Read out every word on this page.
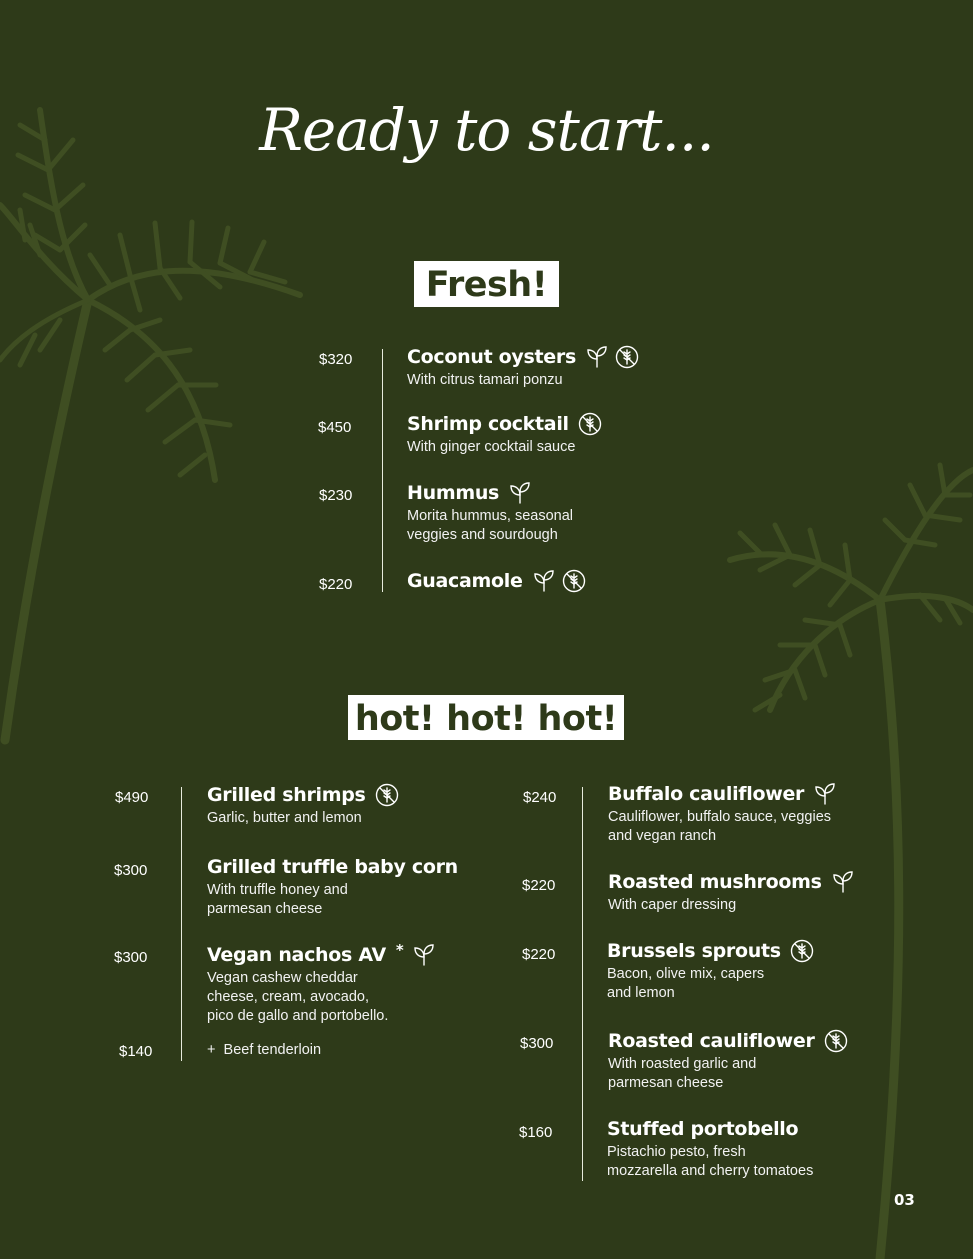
Ready to start...
Fresh!
$320	Coconut oysters
With citrus tamari ponzu
$450	Shrimp cocktail
With ginger cocktail sauce
$230	Hummus
Morita hummus, seasonal
veggies and sourdough
$220	Guacamole
hot! hot! hot!
$490	Grilled shrimps
Garlic, butter and lemon
$300	Grilled truffle baby corn
With truffle honey and
parmesan cheese
$300	Vegan nachos AV *
Vegan cashew cheddar
cheese, cream, avocado,
pico de gallo and portobello.
$140	+  Beef tenderloin
$240	Buffalo cauliflower
Cauliflower, buffalo sauce, veggies
and vegan ranch
$220	Roasted mushrooms
With caper dressing
$220	Brussels sprouts
Bacon, olive mix, capers
and lemon
$300	Roasted cauliflower
With roasted garlic and
parmesan cheese
$160	Stuffed portobello
Pistachio pesto, fresh
mozzarella and cherry tomatoes
03
